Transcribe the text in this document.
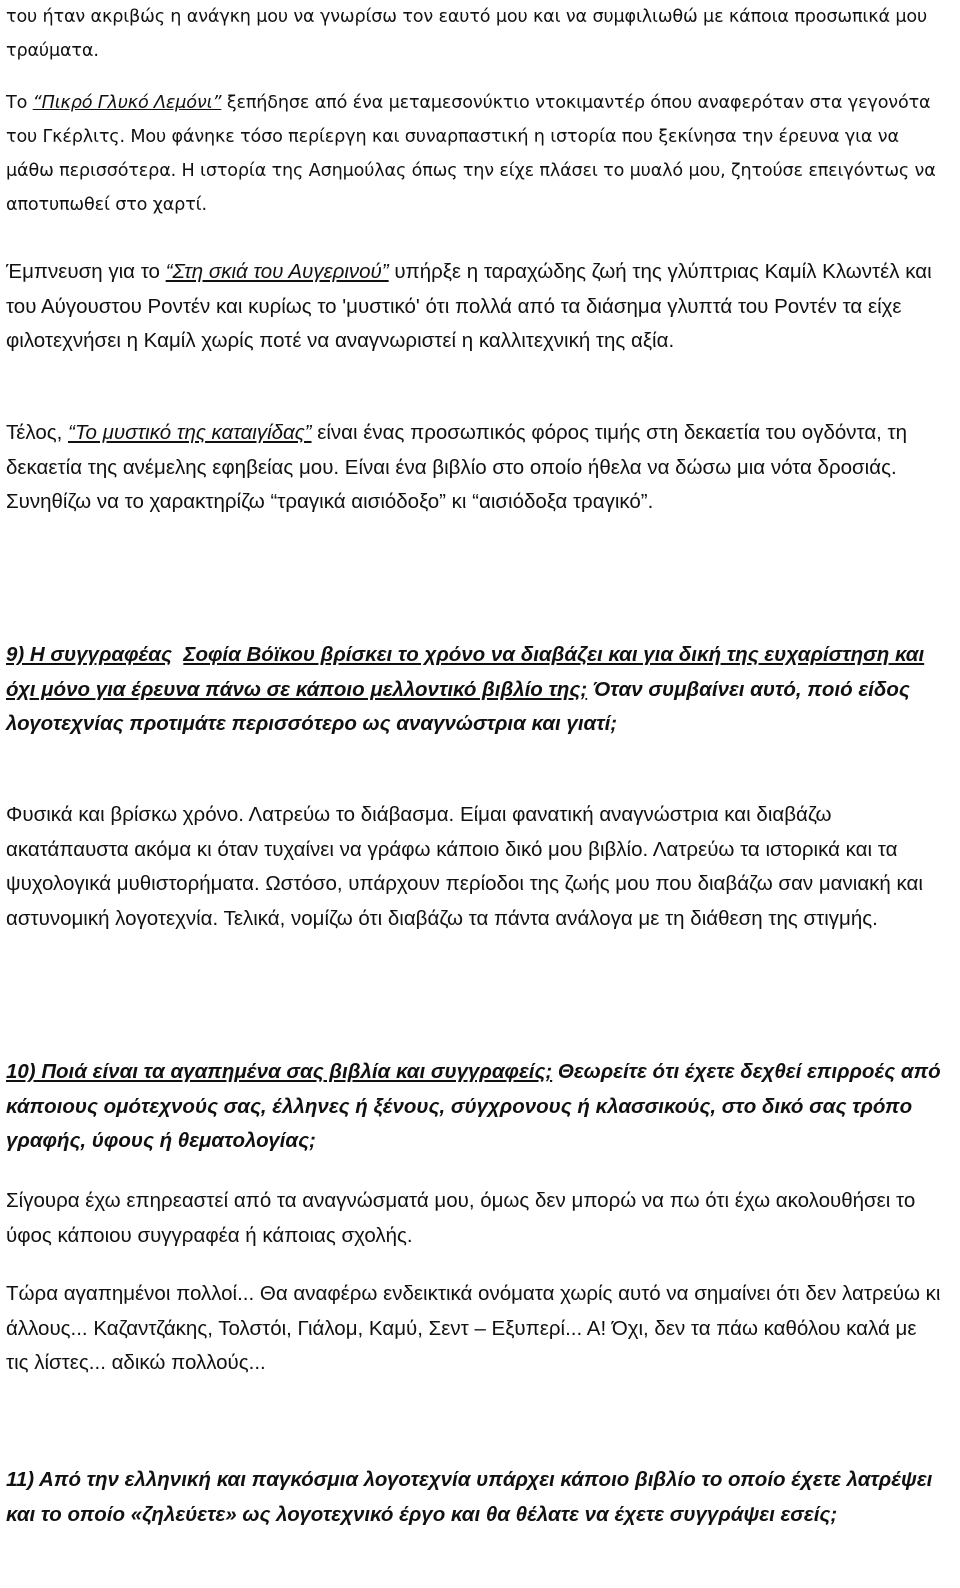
του ήταν ακριβώς η ανάγκη μου να γνωρίσω τον εαυτό μου και να συμφιλιωθώ με κάποια προσωπικά μου τραύματα.

Το “Πικρό Γλυκό Λεμόνι” ξεπήδησε από ένα μεταμεσονύκτιο ντοκιμαντέρ όπου αναφερόταν στα γεγονότα του Γκέρλιτς. Μου φάνηκε τόσο περίεργη και συναρπαστική η ιστορία που ξεκίνησα την έρευνα για να μάθω περισσότερα. Η ιστορία της Ασημούλας όπως την είχε πλάσει το μυαλό μου, ζητούσε επειγόντως να αποτυπωθεί στο χαρτί.

Έμπνευση για το “Στη σκιά του Αυγερινού” υπήρξε η ταραχώδης ζωή της γλύπτριας Καμίλ Κλωντέλ και του Αύγουστου Ροντέν και κυρίως το 'μυστικό' ότι πολλά από τα διάσημα γλυπτά του Ροντέν τα είχε φιλοτεχνήσει η Καμίλ χωρίς ποτέ να αναγνωριστεί η καλλιτεχνική της αξία.

Τέλος, “Το μυστικό της καταιγίδας” είναι ένας προσωπικός φόρος τιμής στη δεκαετία του ογδόντα, τη δεκαετία της ανέμελης εφηβείας μου. Είναι ένα βιβλίο στο οποίο ήθελα να δώσω μια νότα δροσιάς. Συνηθίζω να το χαρακτηρίζω “τραγικά αισιόδοξο” κι “αισιόδοξα τραγικό”.

9) Η συγγραφέας Σοφία Βόϊκου βρίσκει το χρόνο να διαβάζει και για δική της ευχαρίστηση και όχι μόνο για έρευνα πάνω σε κάποιο μελλοντικό βιβλίο της; Όταν συμβαίνει αυτό, ποιό είδος λογοτεχνίας προτιμάτε περισσότερο ως αναγνώστρια και γιατί;

Φυσικά και βρίσκω χρόνο. Λατρεύω το διάβασμα. Είμαι φανατική αναγνώστρια και διαβάζω ακατάπαυστα ακόμα κι όταν τυχαίνει να γράφω κάποιο δικό μου βιβλίο. Λατρεύω τα ιστορικά και τα ψυχολογικά μυθιστορήματα. Ωστόσο, υπάρχουν περίοδοι της ζωής μου που διαβάζω σαν μανιακή και αστυνομική λογοτεχνία. Τελικά, νομίζω ότι διαβάζω τα πάντα ανάλογα με τη διάθεση της στιγμής.

10) Ποιά είναι τα αγαπημένα σας βιβλία και συγγραφείς; Θεωρείτε ότι έχετε δεχθεί επιρροές από κάποιους ομότεχνούς σας, έλληνες ή ξένους, σύγχρονους ή κλασσικούς, στο δικό σας τρόπο γραφής, ύφους ή θεματολογίας;

Σίγουρα έχω επηρεαστεί από τα αναγνώσματά μου, όμως δεν μπορώ να πω ότι έχω ακολουθήσει το ύφος κάποιου συγγραφέα ή κάποιας σχολής.

Τώρα αγαπημένοι πολλοί... Θα αναφέρω ενδεικτικά ονόματα χωρίς αυτό να σημαίνει ότι δεν λατρεύω κι άλλους... Καζαντζάκης, Τολστόι, Γιάλομ, Καμύ, Σεντ – Εξυπερί... Α! Όχι, δεν τα πάω καθόλου καλά με τις λίστες... αδικώ πολλούς...

11) Από την ελληνική και παγκόσμια λογοτεχνία υπάρχει κάποιο βιβλίο το οποίο έχετε λατρέψει και το οποίο «ζηλεύετε» ως λογοτεχνικό έργο και θα θέλατε να έχετε συγγράψει εσείς;
